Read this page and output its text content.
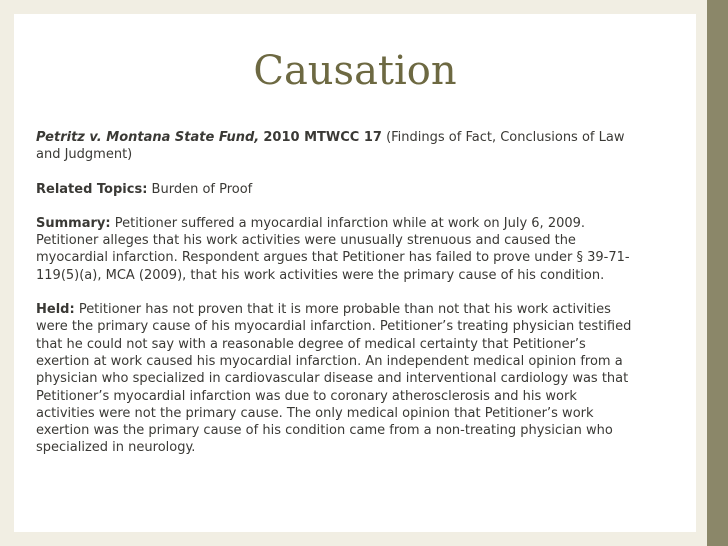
Causation

Petritz v. Montana State Fund, 2010 MTWCC 17 (Findings of Fact, Conclusions of Law and Judgment)

Related Topics: Burden of Proof

Summary: Petitioner suffered a myocardial infarction while at work on July 6, 2009. Petitioner alleges that his work activities were unusually strenuous and caused the myocardial infarction. Respondent argues that Petitioner has failed to prove under § 39-71-119(5)(a), MCA (2009), that his work activities were the primary cause of his condition.

Held: Petitioner has not proven that it is more probable than not that his work activities were the primary cause of his myocardial infarction. Petitioner’s treating physician testified that he could not say with a reasonable degree of medical certainty that Petitioner’s exertion at work caused his myocardial infarction. An independent medical opinion from a physician who specialized in cardiovascular disease and interventional cardiology was that Petitioner’s myocardial infarction was due to coronary atherosclerosis and his work activities were not the primary cause. The only medical opinion that Petitioner’s work exertion was the primary cause of his condition came from a non-treating physician who specialized in neurology.
